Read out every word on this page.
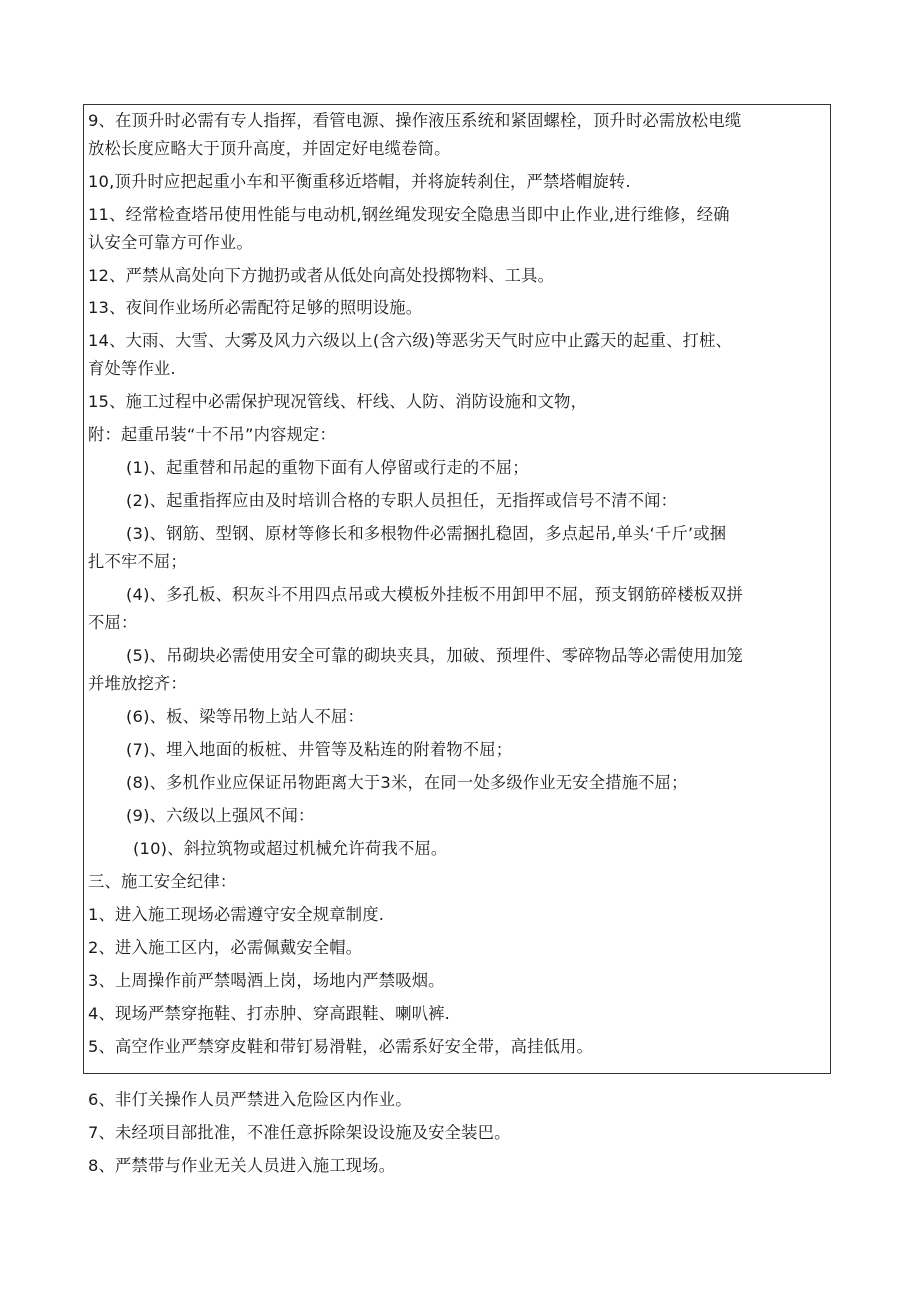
9、在顶升时必需有专人指挥，看管电源、操作液压系统和紧固螺栓，顶升时必需放松电缆
放松长度应略大于顶升高度，并固定好电缆卷筒。
10,顶升时应把起重小车和平衡重移近塔帽，并将旋转刹住，严禁塔帽旋转.
11、经常检查塔吊使用性能与电动机,钢丝绳发现安全隐患当即中止作业,进行维修，经确
认安全可靠方可作业。
12、严禁从高处向下方抛扔或者从低处向高处投掷物料、工具。
13、夜间作业场所必需配符足够的照明设施。
14、大雨、大雪、大雾及风力六级以上(含六级)等恶劣天气时应中止露天的起重、打桩、
育处等作业.
15、施工过程中必需保护现况管线、杆线、人防、消防设施和文物，
附：起重吊装“十不吊”内容规定：
(1)、起重替和吊起的重物下面有人停留或行走的不屈；
(2)、起重指挥应由及时培训合格的专职人员担任，无指挥或信号不清不闻：
(3)、钢筋、型钢、原材等修长和多根物件必需捆扎稳固，多点起吊,单头‘千斤’或捆
扎不牢不屈；
(4)、多孔板、积灰斗不用四点吊或大模板外挂板不用卸甲不屈，预支钢筋碎楼板双拼
不屈：
(5)、吊砌块必需使用安全可靠的砌块夹具，加破、预埋件、零碎物品等必需使用加笼
并堆放挖齐：
(6)、板、梁等吊物上站人不屈：
(7)、埋入地面的板桩、井管等及粘连的附着物不屈；
(8)、多机作业应保证吊物距离大于3米，在同一处多级作业无安全措施不屈；
(9)、六级以上强风不闻：
(10)、斜拉筑物或超过机械允许荷我不屈。
三、施工安全纪律：
1、进入施工现场必需遵守安全规章制度.
2、进入施工区内，必需佩戴安全帽。
3、上周操作前严禁喝酒上岗，场地内严禁吸烟。
4、现场严禁穿拖鞋、打赤肿、穿高跟鞋、喇叭裤.
5、高空作业严禁穿皮鞋和带钉易滑鞋，必需系好安全带，高挂低用。
6、非仃关操作人员严禁进入危险区内作业。
7、未经项目部批准，不准任意拆除架设设施及安全装巴。
8、严禁带与作业无关人员进入施工现场。
